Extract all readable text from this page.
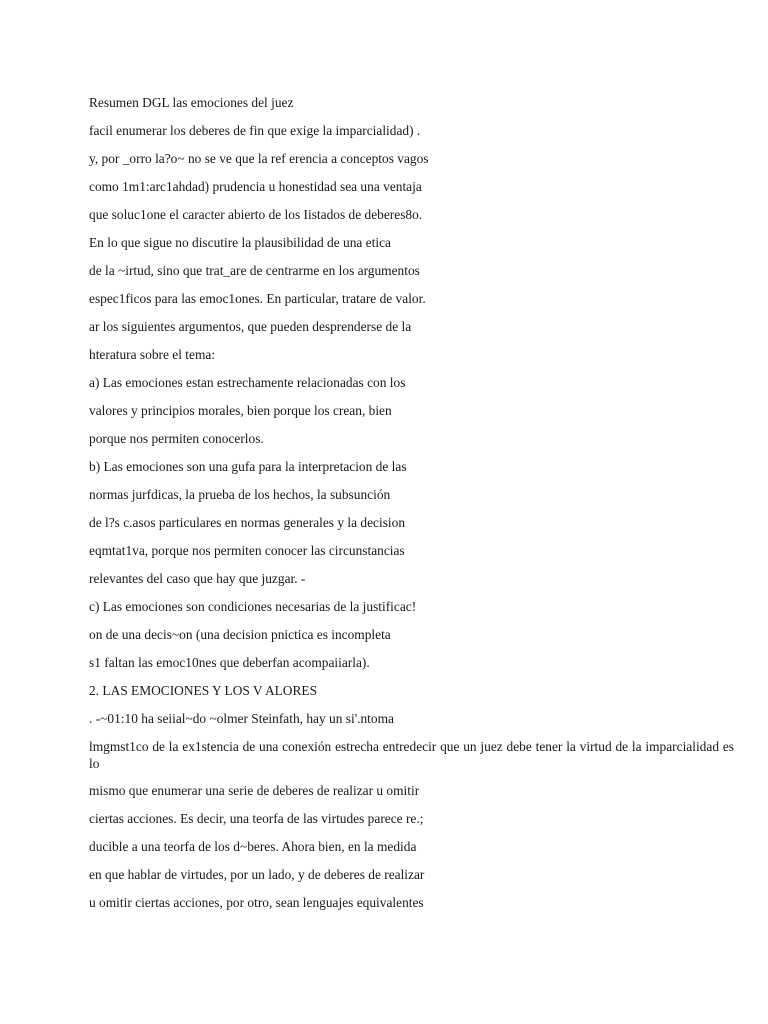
Resumen DGL las emociones del juez

facil enumerar los deberes de fin que exige la imparcialidad) .

y, por _orro la?o~ no se ve que la ref erencia a conceptos vagos

como 1m1:arc1ahdad) prudencia u honestidad sea una ventaja

que soluc1one el caracter abierto de los Iistados de deberes8o.

En lo que sigue no discutire la plausibilidad de una etica

de la ~irtud, sino que trat_are de centrarme en los argumentos

espec1ficos para las emoc1ones. En particular, tratare de valor.

ar los siguientes argumentos, que pueden desprenderse de la

hteratura sobre el tema:

a) Las emociones estan estrechamente relacionadas con los

valores y principios morales, bien porque los crean, bien

porque nos permiten conocerlos.

b) Las emociones son una gufa para la interpretacion de las

normas jurfdicas, la prueba de los hechos, la subsunción

de l?s c.asos particulares en normas generales y la decision

eqmtat1va, porque nos permiten conocer las circunstancias

relevantes del caso que hay que juzgar. -

c) Las emociones son condiciones necesarias de la justificac!

on de una decis~on (una decision pnictica es incompleta

s1 faltan las emoc10nes que deberfan acompaiiarla).

2. LAS EMOCIONES Y LOS V ALORES

. -~01:10 ha seiial~do ~olmer Steinfath, hay un si'.ntoma

lmgmst1co de la ex1stencia de una conexión estrecha entredecir que un juez debe tener la virtud de la imparcialidad es lo

mismo que enumerar una serie de deberes de realizar u omitir

ciertas acciones. Es decir, una teorfa de las virtudes parece re.;

ducible a una teorfa de los d~beres. Ahora bien, en la medida

en que hablar de virtudes, por un lado, y de deberes de realizar

u omitir ciertas acciones, por otro, sean lenguajes equivalentes
